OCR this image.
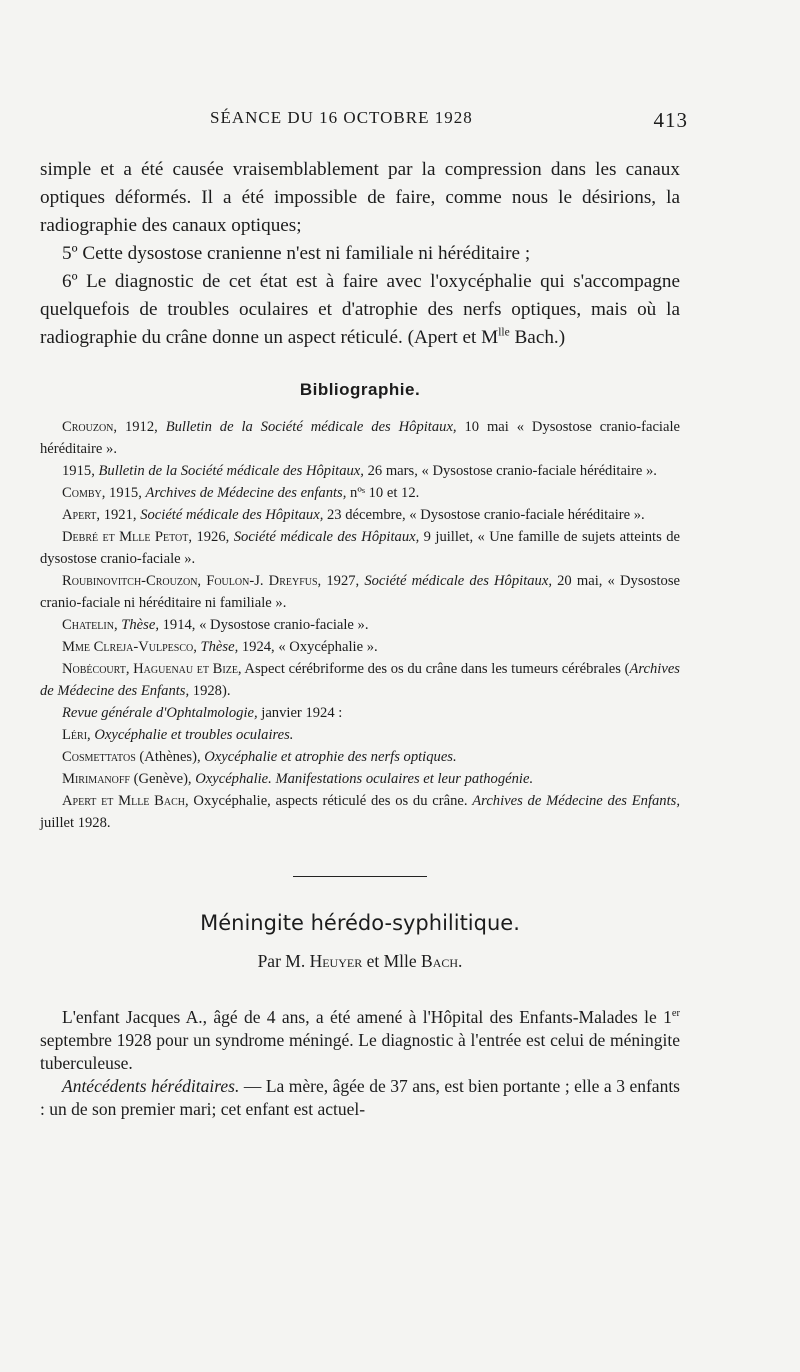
SÉANCE DU 16 OCTOBRE 1928	413

simple et a été causée vraisemblablement par la compression dans les canaux optiques déformés. Il a été impossible de faire, comme nous le désirions, la radiographie des canaux optiques;

5º Cette dysostose cranienne n'est ni familiale ni héréditaire ;

6º Le diagnostic de cet état est à faire avec l'oxycéphalie qui s'accompagne quelquefois de troubles oculaires et d'atrophie des nerfs optiques, mais où la radiographie du crâne donne un aspect réticulé. (Apert et $M^{lle}$ Bach.)

Bibliographie.

Crouzon, 1912, Bulletin de la Société médicale des Hôpitaux, 10 mai « Dysostose cranio-faciale héréditaire ».

1915, Bulletin de la Société médicale des Hôpitaux, 26 mars, « Dysostose cranio-faciale héréditaire ».

Comby, 1915, Archives de Médecine des enfants, nºˢ 10 et 12.

Apert, 1921, Société médicale des Hôpitaux, 23 décembre, « Dysostose cranio-faciale héréditaire ».

Debré et Mlle Petot, 1926, Société médicale des Hôpitaux, 9 juillet, « Une famille de sujets atteints de dysostose cranio-faciale ».

Roubinovitch-Crouzon, Foulon-J. Dreyfus, 1927, Société médicale des Hôpitaux, 20 mai, « Dysostose cranio-faciale ni héréditaire ni familiale ».

Chatelin, Thèse, 1914, « Dysostose cranio-faciale ».

Mme Clreja-Vulpesco, Thèse, 1924, « Oxycéphalie ».

Nobécourt, Haguenau et Bize, Aspect cérébriforme des os du crâne dans les tumeurs cérébrales (Archives de Médecine des Enfants, 1928).

Revue générale d'Ophtalmologie, janvier 1924 :

Léri, Oxycéphalie et troubles oculaires.

Cosmettatos (Athènes), Oxycéphalie et atrophie des nerfs optiques.

Mirimanoff (Genève), Oxycéphalie. Manifestations oculaires et leur pathogénie.

Apert et Mlle Bach, Oxycéphalie, aspects réticulé des os du crâne. Archives de Médecine des Enfants, juillet 1928.

Méningite hérédo-syphilitique.
Par M. Heuyer et Mlle Bach.

L'enfant Jacques A., âgé de 4 ans, a été amené à l'Hôpital des Enfants-Malades le 1er septembre 1928 pour un syndrome méningé. Le diagnostic à l'entrée est celui de méningite tuberculeuse.

Antécédents héréditaires. — La mère, âgée de 37 ans, est bien portante ; elle a 3 enfants : un de son premier mari; cet enfant est actuel-
